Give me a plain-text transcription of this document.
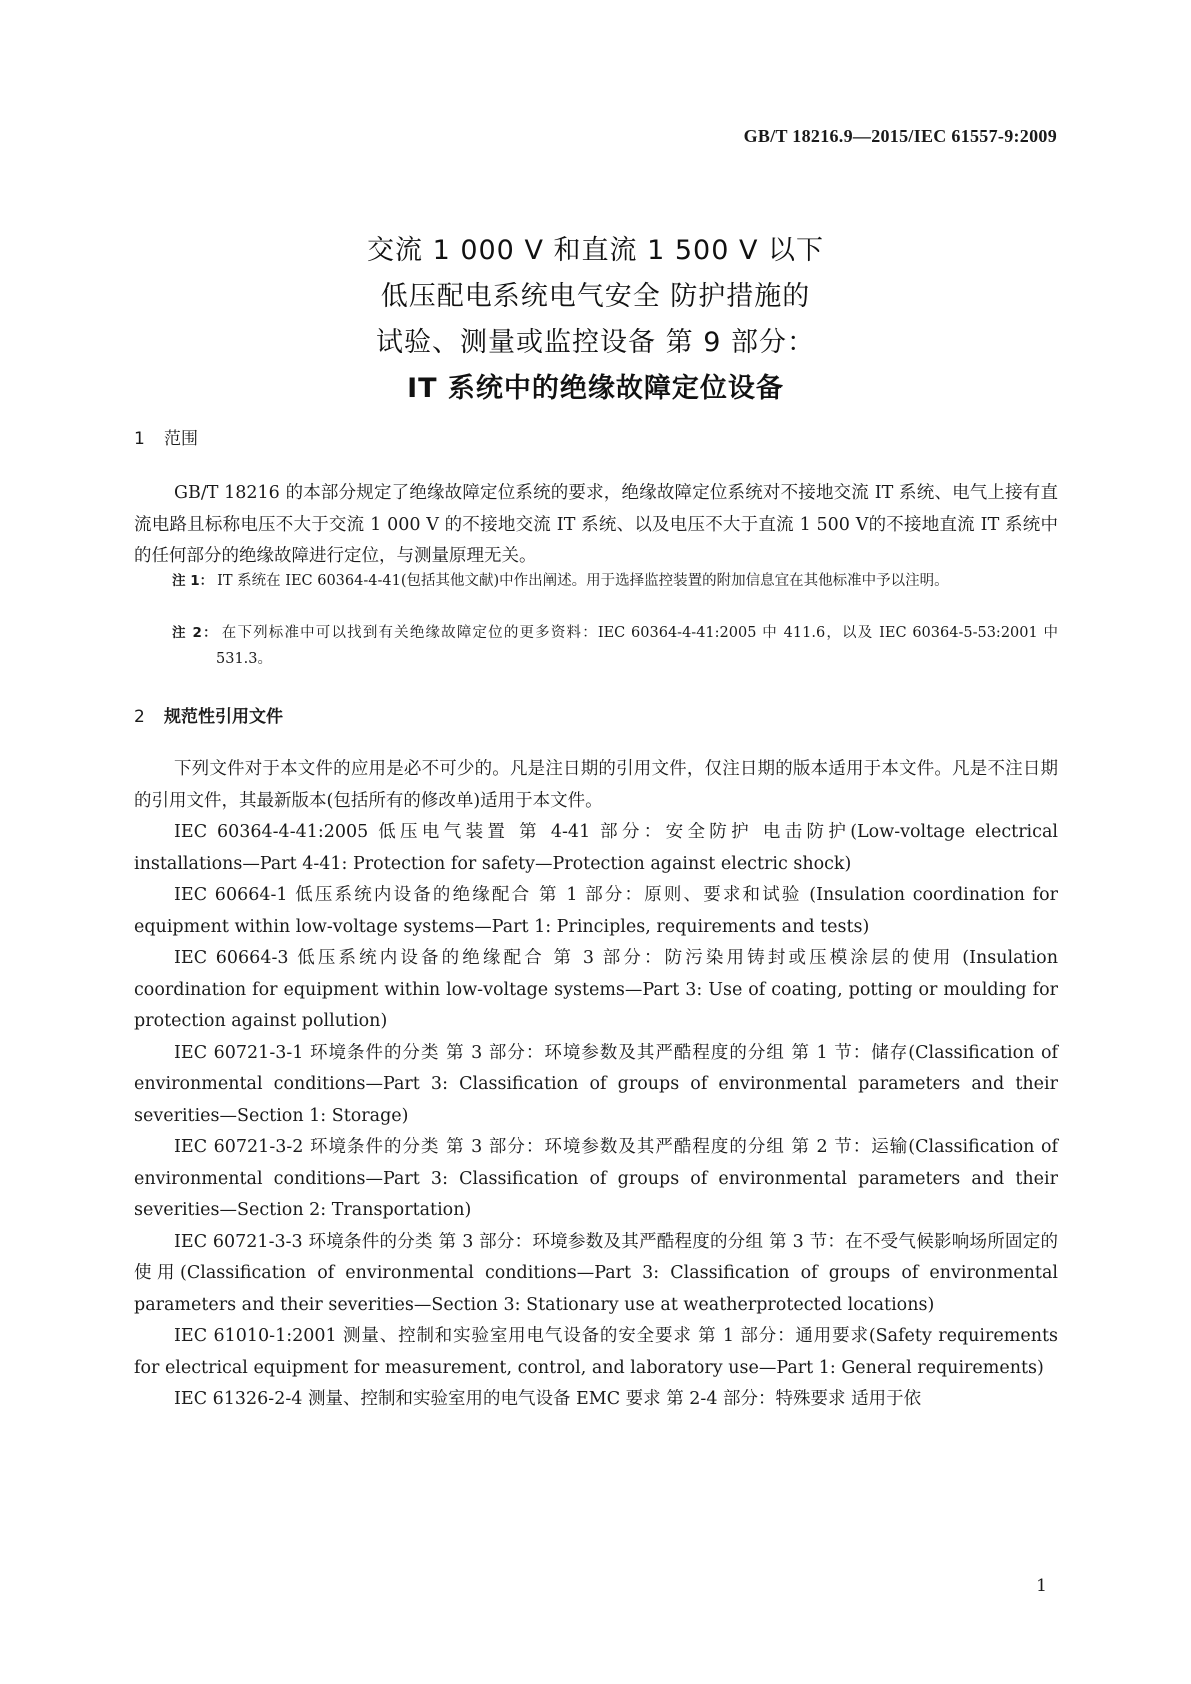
GB/T 18216.9—2015/IEC 61557-9:2009
交流 1 000 V 和直流 1 500 V 以下
低压配电系统电气安全 防护措施的
试验、测量或监控设备 第 9 部分：
IT 系统中的绝缘故障定位设备
1 范围

GB/T 18216 的本部分规定了绝缘故障定位系统的要求，绝缘故障定位系统对不接地交流 IT 系统、电气上接有直流电路且标称电压不大于交流 1 000 V 的不接地交流 IT 系统、以及电压不大于直流 1 500 V的不接地直流 IT 系统中的任何部分的绝缘故障进行定位，与测量原理无关。

注 1： IT 系统在 IEC 60364-4-41(包括其他文献)中作出阐述。用于选择监控装置的附加信息宜在其他标准中予以注明。

注 2： 在下列标准中可以找到有关绝缘故障定位的更多资料：IEC 60364-4-41:2005 中 411.6，以及 IEC 60364-5-53:2001 中 531.3。

2 规范性引用文件

下列文件对于本文件的应用是必不可少的。凡是注日期的引用文件，仅注日期的版本适用于本文件。凡是不注日期的引用文件，其最新版本(包括所有的修改单)适用于本文件。

IEC 60364-4-41:2005 低压电气装置 第 4-41 部分：安全防护 电击防护(Low-voltage electrical installations—Part 4-41: Protection for safety—Protection against electric shock)

IEC 60664-1 低压系统内设备的绝缘配合 第 1 部分：原则、要求和试验 (Insulation coordination for equipment within low-voltage systems—Part 1: Principles, requirements and tests)

IEC 60664-3 低压系统内设备的绝缘配合 第 3 部分：防污染用铸封或压模涂层的使用 (Insulation coordination for equipment within low-voltage systems—Part 3: Use of coating, potting or moulding for protection against pollution)

IEC 60721-3-1 环境条件的分类 第 3 部分：环境参数及其严酷程度的分组 第 1 节：储存(Classification of environmental conditions—Part 3: Classification of groups of environmental parameters and their severities—Section 1: Storage)

IEC 60721-3-2 环境条件的分类 第 3 部分：环境参数及其严酷程度的分组 第 2 节：运输(Classification of environmental conditions—Part 3: Classification of groups of environmental parameters and their severities—Section 2: Transportation)

IEC 60721-3-3 环境条件的分类 第 3 部分：环境参数及其严酷程度的分组 第 3 节：在不受气候影响场所固定的使用(Classification of environmental conditions—Part 3: Classification of groups of environmental parameters and their severities—Section 3: Stationary use at weatherprotected locations)

IEC 61010-1:2001 测量、控制和实验室用电气设备的安全要求 第 1 部分：通用要求(Safety requirements for electrical equipment for measurement, control, and laboratory use—Part 1: General requirements)

IEC 61326-2-4 测量、控制和实验室用的电气设备 EMC 要求 第 2-4 部分：特殊要求 适用于依

1
